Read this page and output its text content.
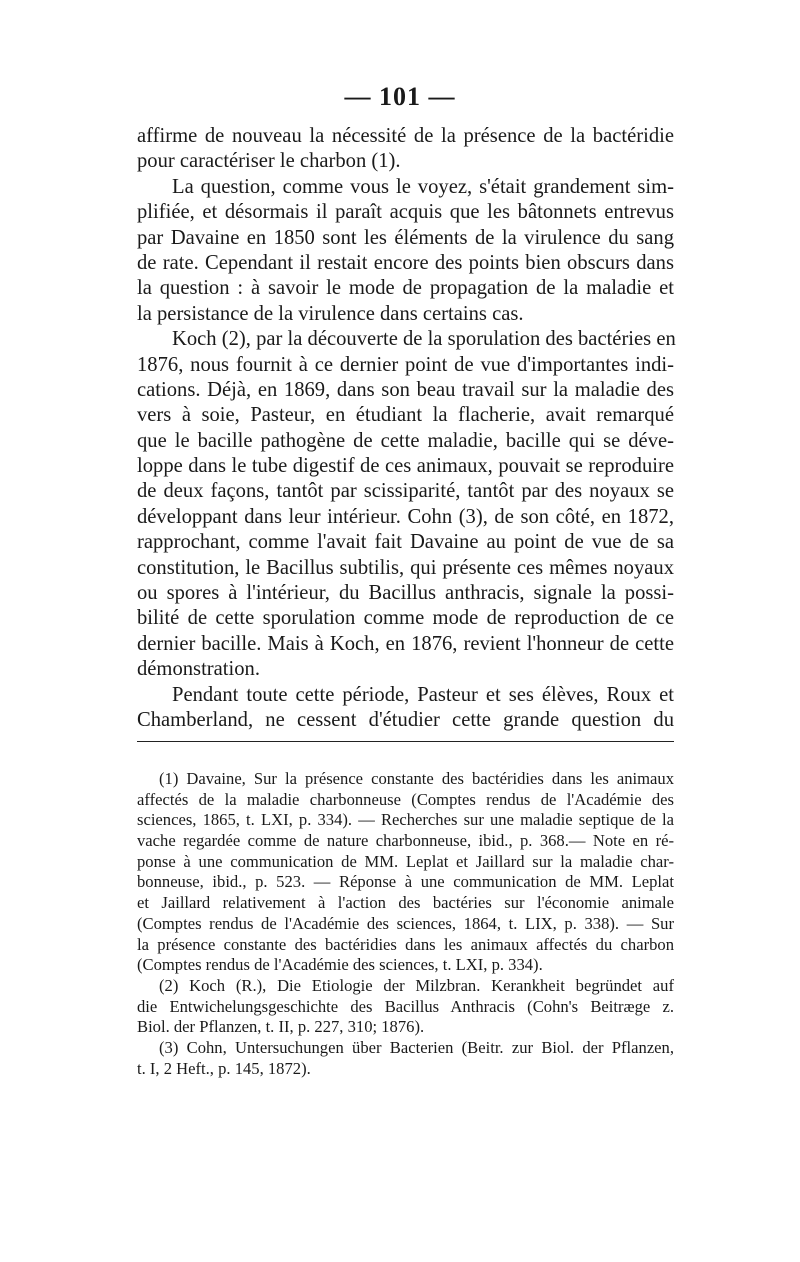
— 101 —
affirme de nouveau la nécessité de la présence de la bactéridie
pour caractériser le charbon (1).
La question, comme vous le voyez, s'était grandement sim-
plifiée, et désormais il paraît acquis que les bâtonnets entrevus
par Davaine en 1850 sont les éléments de la virulence du sang
de rate. Cependant il restait encore des points bien obscurs dans
la question : à savoir le mode de propagation de la maladie et
la persistance de la virulence dans certains cas.
Koch (2), par la découverte de la sporulation des bactéries en
1876, nous fournit à ce dernier point de vue d'importantes indi-
cations. Déjà, en 1869, dans son beau travail sur la maladie des
vers à soie, Pasteur, en étudiant la flacherie, avait remarqué
que le bacille pathogène de cette maladie, bacille qui se déve-
loppe dans le tube digestif de ces animaux, pouvait se reproduire
de deux façons, tantôt par scissiparité, tantôt par des noyaux se
développant dans leur intérieur. Cohn (3), de son côté, en 1872,
rapprochant, comme l'avait fait Davaine au point de vue de sa
constitution, le Bacillus subtilis, qui présente ces mêmes noyaux
ou spores à l'intérieur, du Bacillus anthracis, signale la possi-
bilité de cette sporulation comme mode de reproduction de ce
dernier bacille. Mais à Koch, en 1876, revient l'honneur de cette
démonstration.
Pendant toute cette période, Pasteur et ses élèves, Roux et
Chamberland, ne cessent d'étudier cette grande question du
(1) Davaine, Sur la présence constante des bactéridies dans les animaux
affectés de la maladie charbonneuse (Comptes rendus de l'Académie des
sciences, 1865, t. LXI, p. 334). — Recherches sur une maladie septique de la
vache regardée comme de nature charbonneuse, ibid., p. 368.— Note en ré-
ponse à une communication de MM. Leplat et Jaillard sur la maladie char-
bonneuse, ibid., p. 523. — Réponse à une communication de MM. Leplat
et Jaillard relativement à l'action des bactéries sur l'économie animale
(Comptes rendus de l'Académie des sciences, 1864, t. LIX, p. 338). — Sur
la présence constante des bactéridies dans les animaux affectés du charbon
(Comptes rendus de l'Académie des sciences, t. LXI, p. 334).
(2) Koch (R.), Die Etiologie der Milzbran. Kerankheit begründet auf
die Entwichelungsgeschichte des Bacillus Anthracis (Cohn's Beitræge z.
Biol. der Pflanzen, t. II, p. 227, 310; 1876).
(3) Cohn, Untersuchungen über Bacterien (Beitr. zur Biol. der Pflanzen,
t. I, 2 Heft., p. 145, 1872).
